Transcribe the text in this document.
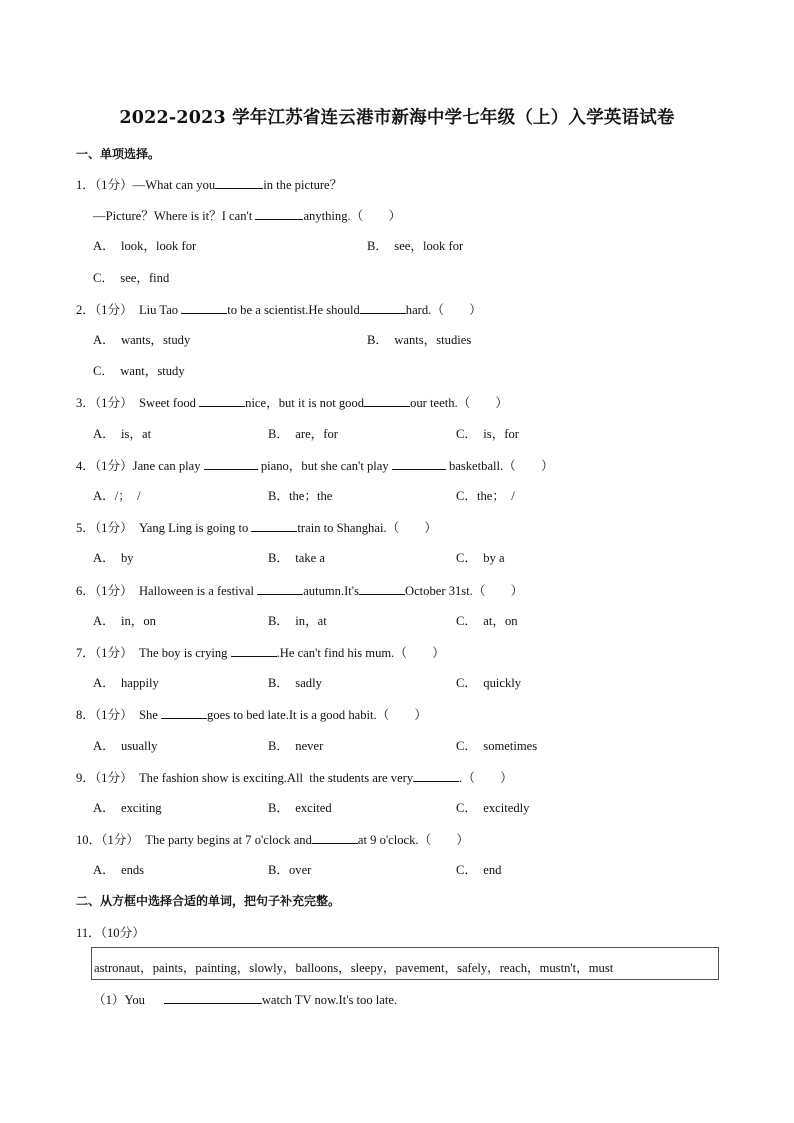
2022-2023 学年江苏省连云港市新海中学七年级（上）入学英语试卷
一、单项选择。
1．（1分）—What can you	in the picture？
—Picture？Where is it？I can't	anything.（　　）
A．  look，look for	B．  see，look for
C．  see，find
2．（1分）  Liu Tao	to be a scientist.He should	hard.（　　）
A．  wants，study	B．  wants，studies
C．  want，study
3．（1分）  Sweet food	nice，but it is not good	our teeth.（　　）
A．  is，at	B．  are，for	C．  is，for
4．（1分）Jane can play	piano，but she can't play	basketball.（　　）
A．/；  /	B．the；the	C．the；  /
5．（1分）  Yang Ling is going to	train to Shanghai.（　　）
A．  by	B．  take a	C．  by a
6．（1分）  Halloween is a festival	autumn.It's	October 31st.（　　）
A．  in，on	B．  in，at	C．  at，on
7．（1分）  The boy is crying	.He can't find his mum.（　　）
A．  happily	B．  sadly	C．  quickly
8．（1分）  She	goes to bed late.It is a good habit.（　　）
A．  usually	B．  never	C．  sometimes
9．（1分）  The fashion show is exciting.All  the students are very	.（　　）
A．  exciting	B．  excited	C．  excitedly
10．（1分）  The party begins at 7 o'clock and	at 9 o'clock.（　　）
A．  ends	B．over	C．  end
二、从方框中选择合适的单词，把句子补充完整。
11．（10分）
astronaut，paints，painting，slowly，balloons，sleepy，pavement，safely，reach，mustn't，must
（1）You	watch TV now.It's too late.
